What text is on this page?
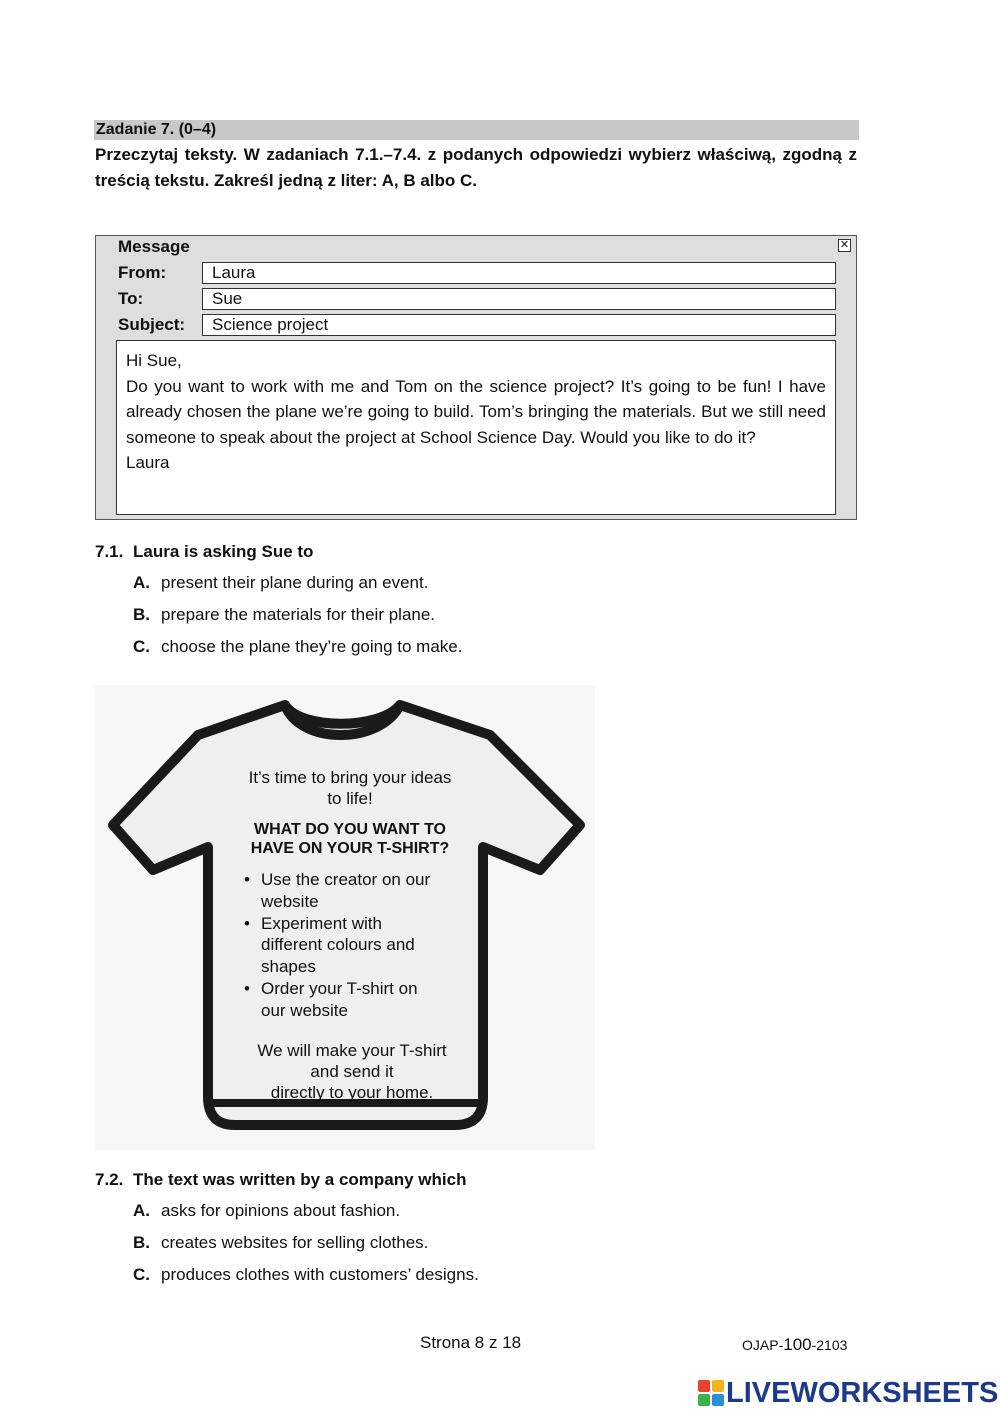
Zadanie 7. (0–4)
Przeczytaj teksty. W zadaniach 7.1.–7.4. z podanych odpowiedzi wybierz właściwą, zgodną z treścią tekstu. Zakreśl jedną z liter: A, B albo C.
Message	✕
From:	Laura
To:	Sue
Subject:	Science project
Hi Sue,
Do you want to work with me and Tom on the science project? It’s going to be fun! I have already chosen the plane we’re going to build. Tom’s bringing the materials. But we still need someone to speak about the project at School Science Day. Would you like to do it?
Laura
7.1. Laura is asking Sue to
A. present their plane during an event.
B. prepare the materials for their plane.
C. choose the plane they’re going to make.
It’s time to bring your ideas
to life!
WHAT DO YOU WANT TO
HAVE ON YOUR T-SHIRT?
• Use the creator on our
website
• Experiment with
different colours and
shapes
• Order your T-shirt on
our website
We will make your T-shirt
and send it
directly to your home.
7.2. The text was written by a company which
A. asks for opinions about fashion.
B. creates websites for selling clothes.
C. produces clothes with customers’ designs.
Strona 8 z 18	OJAP-100-2103
LIVEWORKSHEETS
